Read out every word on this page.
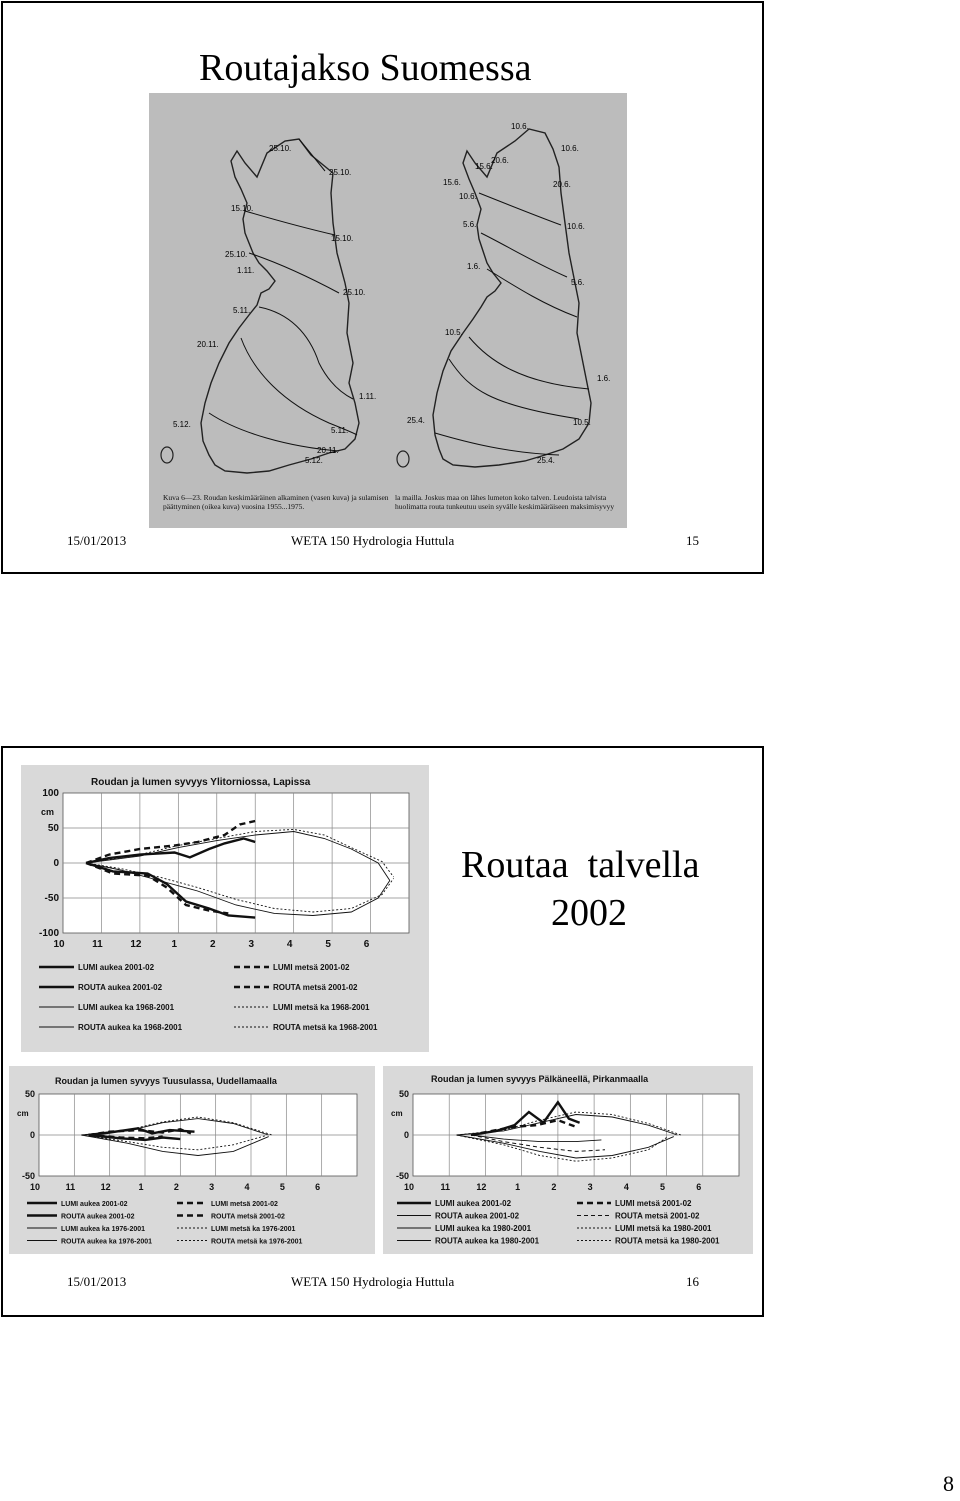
Routajakso Suomessa
25.10.
25.10.
15.10.
15.10.
25.10.
1.11.
25.10.
5.11.
20.11.
1.11.
5.12.
5.11.
20.11.
5.12.
10.6.
10.6.
15.6.
20.6.
15.6.	20.6.
10.6.
5.6.	10.6.
1.6.
5.6.
10.5.
1.6.
25.4.	10.5.
25.4.
Kuva 6—23. Roudan keskimääräinen alkaminen (vasen kuva) ja sulamisen päättyminen (oikea kuva) vuosina 1955...1975.
la mailla. Joskus maa on lähes lumeton koko talven. Leudoista talvista huolimatta routa tunkeutuu usein syvälle keskimääräiseen maksimisyvyy
15/01/2013	WETA 150 Hydrologia Huttula	15
Roudan ja lumen syvyys Ylitorniossa, Lapissa
100
50
0
-50
-100
cm
10	11	12	1	2	3	4	5	6
LUMI aukea 2001-02	LUMI metsä 2001-02
ROUTA aukea 2001-02	ROUTA metsä 2001-02
LUMI aukea ka 1968-2001	LUMI metsä ka 1968-2001
ROUTA aukea ka 1968-2001	ROUTA metsä ka 1968-2001
Routaa  talvella
2002
Roudan ja lumen syvyys Tuusulassa, Uudellamaalla
50
0
-50
cm
10	11	12	1	2	3	4	5	6
LUMI aukea 2001-02	LUMI metsä 2001-02
ROUTA aukea 2001-02	ROUTA metsä 2001-02
LUMI aukea ka 1976-2001	LUMI metsä ka 1976-2001
ROUTA aukea ka 1976-2001	ROUTA metsä ka 1976-2001
Roudan ja lumen syvyys Pälkäneellä, Pirkanmaalla
50
0
-50
cm
10	11	12	1	2	3	4	5	6
LUMI aukea 2001-02	LUMI metsä 2001-02
ROUTA aukea 2001-02	ROUTA metsä 2001-02
LUMI aukea ka 1980-2001	LUMI metsä ka 1980-2001
ROUTA aukea ka 1980-2001	ROUTA metsä ka 1980-2001
15/01/2013	WETA 150 Hydrologia Huttula	16
8
